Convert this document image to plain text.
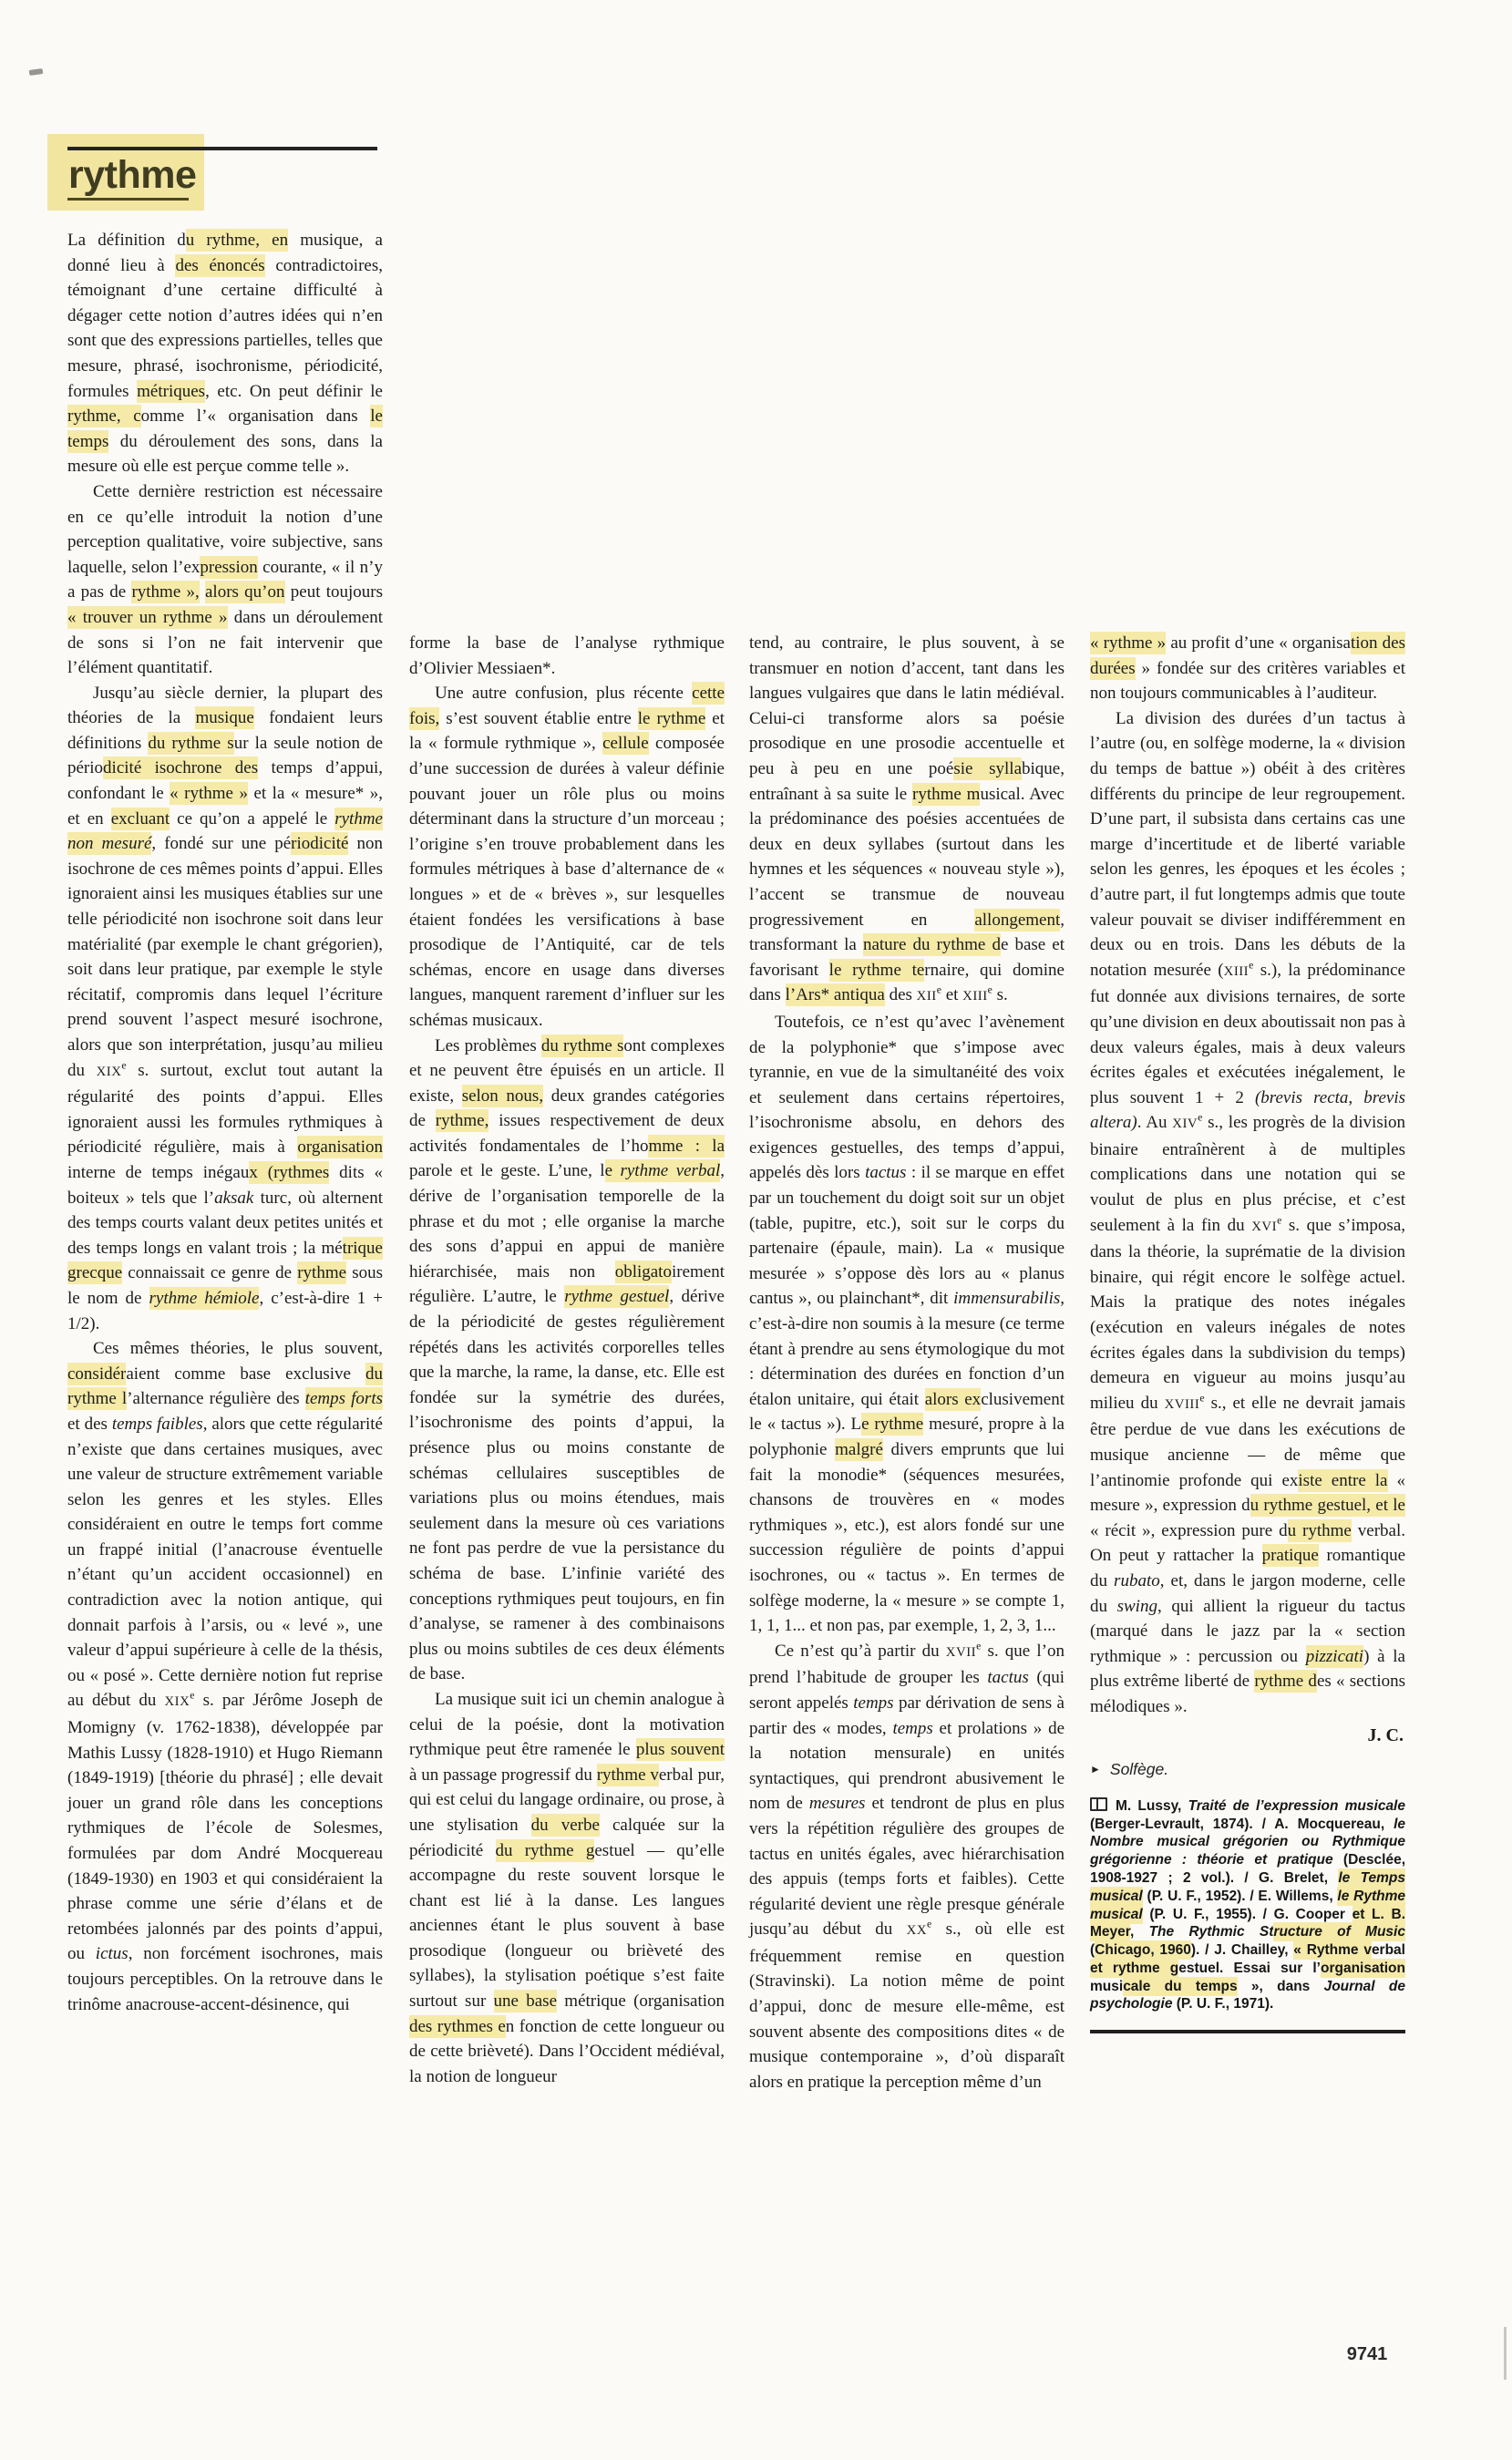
rythme

La définition du rythme, en musique, a donné lieu à des énoncés contradictoires, témoignant d’une certaine difficulté à dégager cette notion d’autres idées qui n’en sont que des expressions partielles, telles que mesure, phrasé, isochronisme, périodicité, formules métriques, etc. On peut définir le rythme, comme l’« organisation dans le temps du déroulement des sons, dans la mesure où elle est perçue comme telle ».

Cette dernière restriction est nécessaire en ce qu’elle introduit la notion d’une perception qualitative, voire subjective, sans laquelle, selon l’expression courante, « il n’y a pas de rythme », alors qu’on peut toujours « trouver un rythme » dans un déroulement de sons si l’on ne fait intervenir que l’élément quantitatif.

Jusqu’au siècle dernier, la plupart des théories de la musique fondaient leurs définitions du rythme sur la seule notion de périodicité isochrone des temps d’appui, confondant le « rythme » et la « mesure* », et en excluant ce qu’on a appelé le rythme non mesuré, fondé sur une périodicité non isochrone de ces mêmes points d’appui. Elles ignoraient ainsi les musiques établies sur une telle périodicité non isochrone soit dans leur matérialité (par exemple le chant grégorien), soit dans leur pratique, par exemple le style récitatif, compromis dans lequel l’écriture prend souvent l’aspect mesuré isochrone, alors que son interprétation, jusqu’au milieu du XIXe s. surtout, exclut tout autant la régularité des points d’appui. Elles ignoraient aussi les formules rythmiques à périodicité régulière, mais à organisation interne de temps inégaux (rythmes dits « boiteux » tels que l’aksak turc, où alternent des temps courts valant deux petites unités et des temps longs en valant trois ; la métrique grecque connaissait ce genre de rythme sous le nom de rythme hémiole, c’est-à-dire 1 + 1/2).

Ces mêmes théories, le plus souvent, considéraient comme base exclusive du rythme l’alternance régulière des temps forts et des temps faibles, alors que cette régularité n’existe que dans certaines musiques, avec une valeur de structure extrêmement variable selon les genres et les styles. Elles considéraient en outre le temps fort comme un frappé initial (l’anacrouse éventuelle n’étant qu’un accident occasionnel) en contradiction avec la notion antique, qui donnait parfois à l’arsis, ou « levé », une valeur d’appui supérieure à celle de la thésis, ou « posé ». Cette dernière notion fut reprise au début du XIXe s. par Jérôme Joseph de Momigny (v. 1762-1838), développée par Mathis Lussy (1828-1910) et Hugo Riemann (1849-1919) [théorie du phrasé] ; elle devait jouer un grand rôle dans les conceptions rythmiques de l’école de Solesmes, formulées par dom André Mocquereau (1849-1930) en 1903 et qui considéraient la phrase comme une série d’élans et de retombées jalonnés par des points d’appui, ou ictus, non forcément isochrones, mais toujours perceptibles. On la retrouve dans le trinôme anacrouse-accent-désinence, qui

forme la base de l’analyse rythmique d’Olivier Messiaen*.

Une autre confusion, plus récente cette fois, s’est souvent établie entre le rythme et la « formule rythmique », cellule composée d’une succession de durées à valeur définie pouvant jouer un rôle plus ou moins déterminant dans la structure d’un morceau ; l’origine s’en trouve probablement dans les formules métriques à base d’alternance de « longues » et de « brèves », sur lesquelles étaient fondées les versifications à base prosodique de l’Antiquité, car de tels schémas, encore en usage dans diverses langues, manquent rarement d’influer sur les schémas musicaux.

Les problèmes du rythme sont complexes et ne peuvent être épuisés en un article. Il existe, selon nous, deux grandes catégories de rythme, issues respectivement de deux activités fondamentales de l’homme : la parole et le geste. L’une, le rythme verbal, dérive de l’organisation temporelle de la phrase et du mot ; elle organise la marche des sons d’appui en appui de manière hiérarchisée, mais non obligatoirement régulière. L’autre, le rythme gestuel, dérive de la périodicité de gestes régulièrement répétés dans les activités corporelles telles que la marche, la rame, la danse, etc. Elle est fondée sur la symétrie des durées, l’isochronisme des points d’appui, la présence plus ou moins constante de schémas cellulaires susceptibles de variations plus ou moins étendues, mais seulement dans la mesure où ces variations ne font pas perdre de vue la persistance du schéma de base. L’infinie variété des conceptions rythmiques peut toujours, en fin d’analyse, se ramener à des combinaisons plus ou moins subtiles de ces deux éléments de base.

La musique suit ici un chemin analogue à celui de la poésie, dont la motivation rythmique peut être ramenée le plus souvent à un passage progressif du rythme verbal pur, qui est celui du langage ordinaire, ou prose, à une stylisation du verbe calquée sur la périodicité du rythme gestuel — qu’elle accompagne du reste souvent lorsque le chant est lié à la danse. Les langues anciennes étant le plus souvent à base prosodique (longueur ou brièveté des syllabes), la stylisation poétique s’est faite surtout sur une base métrique (organisation des rythmes en fonction de cette longueur ou de cette brièveté). Dans l’Occident médiéval, la notion de longueur

tend, au contraire, le plus souvent, à se transmuer en notion d’accent, tant dans les langues vulgaires que dans le latin médiéval. Celui-ci transforme alors sa poésie prosodique en une prosodie accentuelle et peu à peu en une poésie syllabique, entraînant à sa suite le rythme musical. Avec la prédominance des poésies accentuées de deux en deux syllabes (surtout dans les hymnes et les séquences « nouveau style »), l’accent se transmue de nouveau progressivement en allongement, transformant la nature du rythme de base et favorisant le rythme ternaire, qui domine dans l’Ars* antiqua des XIIe et XIIIe s.

Toutefois, ce n’est qu’avec l’avènement de la polyphonie* que s’impose avec tyrannie, en vue de la simultanéité des voix et seulement dans certains répertoires, l’isochronisme absolu, en dehors des exigences gestuelles, des temps d’appui, appelés dès lors tactus : il se marque en effet par un touchement du doigt soit sur un objet (table, pupitre, etc.), soit sur le corps du partenaire (épaule, main). La « musique mesurée » s’oppose dès lors au « planus cantus », ou plainchant*, dit immensurabilis, c’est-à-dire non soumis à la mesure (ce terme étant à prendre au sens étymologique du mot : détermination des durées en fonction d’un étalon unitaire, qui était alors exclusivement le « tactus »). Le rythme mesuré, propre à la polyphonie malgré divers emprunts que lui fait la monodie* (séquences mesurées, chansons de trouvères en « modes rythmiques », etc.), est alors fondé sur une succession régulière de points d’appui isochrones, ou « tactus ». En termes de solfège moderne, la « mesure » se compte 1, 1, 1, 1... et non pas, par exemple, 1, 2, 3, 1...

Ce n’est qu’à partir du XVIIe s. que l’on prend l’habitude de grouper les tactus (qui seront appelés temps par dérivation de sens à partir des « modes, temps et prolations » de la notation mensurale) en unités syntactiques, qui prendront abusivement le nom de mesures et tendront de plus en plus vers la répétition régulière des groupes de tactus en unités égales, avec hiérarchisation des appuis (temps forts et faibles). Cette régularité devient une règle presque générale jusqu’au début du XXe s., où elle est fréquemment remise en question (Stravinski). La notion même de point d’appui, donc de mesure elle-même, est souvent absente des compositions dites « de musique contemporaine », d’où disparaît alors en pratique la perception même d’un

« rythme » au profit d’une « organisation des durées » fondée sur des critères variables et non toujours communicables à l’auditeur.

La division des durées d’un tactus à l’autre (ou, en solfège moderne, la « division du temps de battue ») obéit à des critères différents du principe de leur regroupement. D’une part, il subsista dans certains cas une marge d’incertitude et de liberté variable selon les genres, les époques et les écoles ; d’autre part, il fut longtemps admis que toute valeur pouvait se diviser indifféremment en deux ou en trois. Dans les débuts de la notation mesurée (XIIIe s.), la prédominance fut donnée aux divisions ternaires, de sorte qu’une division en deux aboutissait non pas à deux valeurs égales, mais à deux valeurs écrites égales et exécutées inégalement, le plus souvent 1 + 2 (brevis recta, brevis altera). Au XIVe s., les progrès de la division binaire entraînèrent à de multiples complications dans une notation qui se voulut de plus en plus précise, et c’est seulement à la fin du XVIe s. que s’imposa, dans la théorie, la suprématie de la division binaire, qui régit encore le solfège actuel. Mais la pratique des notes inégales (exécution en valeurs inégales de notes écrites égales dans la subdivision du temps) demeura en vigueur au moins jusqu’au milieu du XVIIIe s., et elle ne devrait jamais être perdue de vue dans les exécutions de musique ancienne — de même que l’antinomie profonde qui existe entre la « mesure », expression du rythme gestuel, et le « récit », expression pure du rythme verbal. On peut y rattacher la pratique romantique du rubato, et, dans le jargon moderne, celle du swing, qui allient la rigueur du tactus (marqué dans le jazz par la « section rythmique » : percussion ou pizzicati) à la plus extrême liberté de rythme des « sections mélodiques ».

J. C.
► Solfège.
M. Lussy, Traité de l’expression musicale (Berger-Levrault, 1874). / A. Mocquereau, le Nombre musical grégorien ou Rythmique grégorienne : théorie et pratique (Desclée, 1908-1927 ; 2 vol.). / G. Brelet, le Temps musical (P. U. F., 1952). / E. Willems, le Rythme musical (P. U. F., 1955). / G. Cooper et L. B. Meyer, The Rythmic Structure of Music (Chicago, 1960). / J. Chailley, « Rythme verbal et rythme gestuel. Essai sur l’organisation musicale du temps », dans Journal de psychologie (P. U. F., 1971).
9741
